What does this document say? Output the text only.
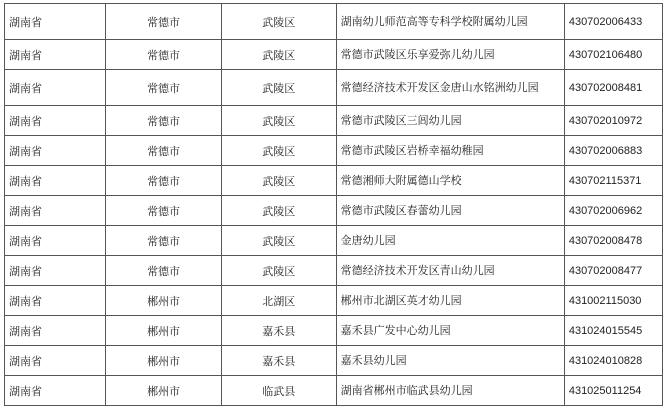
湖南省	常德市	武陵区	湖南幼儿师范高等专科学校附属幼儿园	430702006433
湖南省	常德市	武陵区	常德市武陵区乐享爱弥儿幼儿园	430702106480
湖南省	常德市	武陵区	常德经济技术开发区金唐山水铭洲幼儿园	430702008481
湖南省	常德市	武陵区	常德市武陵区三闾幼儿园	430702010972
湖南省	常德市	武陵区	常德市武陵区岩桥幸福幼稚园	430702006883
湖南省	常德市	武陵区	常德湘师大附属德山学校	430702115371
湖南省	常德市	武陵区	常德市武陵区春蕾幼儿园	430702006962
湖南省	常德市	武陵区	金唐幼儿园	430702008478
湖南省	常德市	武陵区	常德经济技术开发区青山幼儿园	430702008477
湖南省	郴州市	北湖区	郴州市北湖区英才幼儿园	431002115030
湖南省	郴州市	嘉禾县	嘉禾县广发中心幼儿园	431024015545
湖南省	郴州市	嘉禾县	嘉禾县幼儿园	431024010828
湖南省	郴州市	临武县	湖南省郴州市临武县幼儿园	431025011254
